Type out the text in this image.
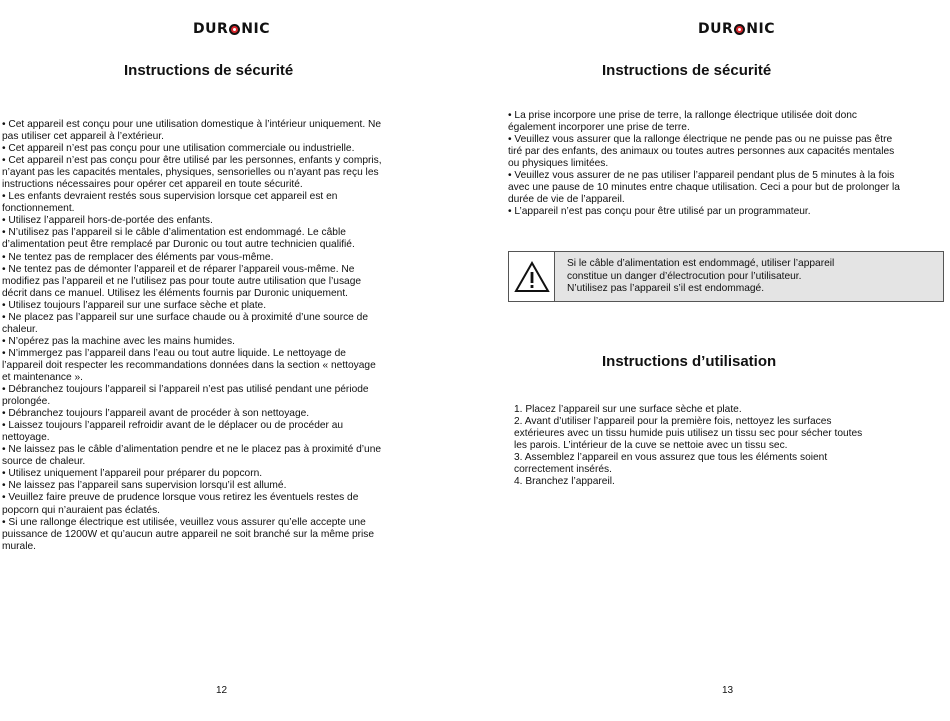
DUR NIC
Instructions de sécurité
• Cet appareil est conçu pour une utilisation domestique à l’intérieur uniquement. Ne
pas utiliser cet appareil à l’extérieur.
• Cet appareil n’est pas conçu pour une utilisation commerciale ou industrielle.
• Cet appareil n’est pas conçu pour être utilisé par les personnes, enfants y compris,
n’ayant pas les capacités mentales, physiques, sensorielles ou n’ayant pas reçu les
instructions nécessaires pour opérer cet appareil en toute sécurité.
• Les enfants devraient restés sous supervision lorsque cet appareil est en
fonctionnement.
• Utilisez l’appareil hors-de-portée des enfants.
• N’utilisez pas l’appareil si le câble d’alimentation est endommagé. Le câble
d’alimentation peut être remplacé par Duronic ou tout autre technicien qualifié.
• Ne tentez pas de remplacer des éléments par vous-même.
• Ne tentez pas de démonter l’appareil et de réparer l’appareil vous-même. Ne
modifiez pas l’appareil et ne l’utilisez pas pour toute autre utilisation que l’usage
décrit dans ce manuel. Utilisez les éléments fournis par Duronic uniquement.
• Utilisez toujours l’appareil sur une surface sèche et plate.
• Ne placez pas l’appareil sur une surface chaude ou à proximité d’une source de
chaleur.
• N’opérez pas la machine avec les mains humides.
• N’immergez pas l’appareil dans l’eau ou tout autre liquide. Le nettoyage de
l’appareil doit respecter les recommandations données dans la section « nettoyage
et maintenance ».
• Débranchez toujours l’appareil si l’appareil n’est pas utilisé pendant une période
prolongée.
• Débranchez toujours l’appareil avant de procéder à son nettoyage.
• Laissez toujours l’appareil refroidir avant de le déplacer ou de procéder au
nettoyage.
• Ne laissez pas le câble d’alimentation pendre et ne le placez pas à proximité d’une
source de chaleur.
• Utilisez uniquement l’appareil pour préparer du popcorn.
• Ne laissez pas l’appareil sans supervision lorsqu’il est allumé.
• Veuillez faire preuve de prudence lorsque vous retirez les éventuels restes de
popcorn qui n’auraient pas éclatés.
• Si une rallonge électrique est utilisée, veuillez vous assurer qu’elle accepte une
puissance de 1200W et qu’aucun autre appareil ne soit branché sur la même prise
murale.
12
DUR NIC
Instructions de sécurité
• La prise incorpore une prise de terre, la rallonge électrique utilisée doit donc
également incorporer une prise de terre.
• Veuillez vous assurer que la rallonge électrique ne pende pas ou ne puisse pas être
tiré par des enfants, des animaux ou toutes autres personnes aux capacités mentales
ou physiques limitées.
• Veuillez vous assurer de ne pas utiliser l’appareil pendant plus de 5 minutes à la fois
avec une pause de 10 minutes entre chaque utilisation. Ceci a pour but de prolonger la
durée de vie de l’appareil.
• L’appareil n’est pas conçu pour être utilisé par un programmateur.
Si le câble d’alimentation est endommagé, utiliser l’appareil
constitue un danger d’électrocution pour l’utilisateur.
N’utilisez pas l’appareil s’il est endommagé.
Instructions d’utilisation
1. Placez l’appareil sur une surface sèche et plate.
2. Avant d’utiliser l’appareil pour la première fois, nettoyez les surfaces
extérieures avec un tissu humide puis utilisez un tissu sec pour sécher toutes
les parois. L’intérieur de la cuve se nettoie avec un tissu sec.
3. Assemblez l’appareil en vous assurez que tous les éléments soient
correctement insérés.
4. Branchez l’appareil.
13
